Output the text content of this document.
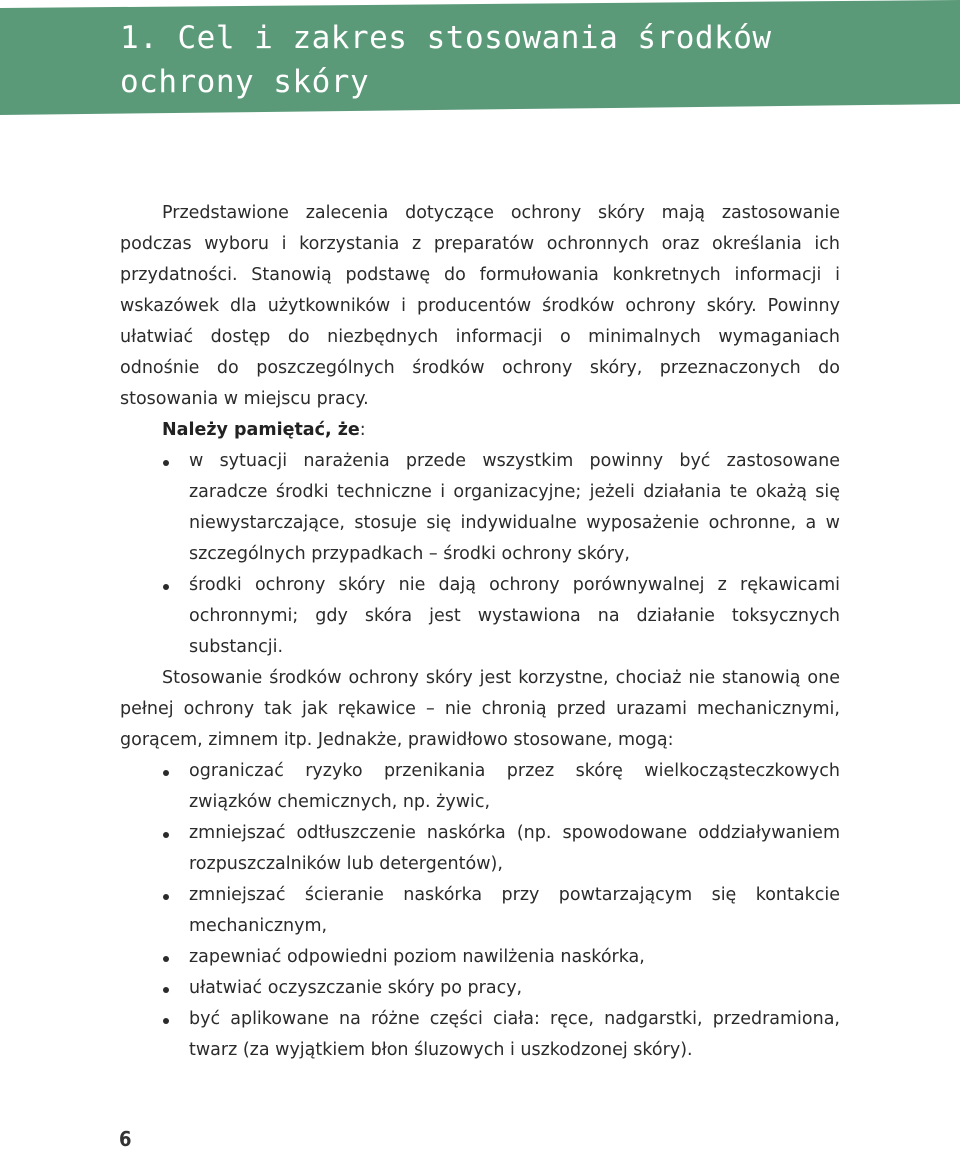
1. Cel i zakres stosowania środków ochrony skóry

Przedstawione zalecenia dotyczące ochrony skóry mają zastosowanie podczas wyboru i korzystania z preparatów ochronnych oraz określania ich przydatności. Stanowią podstawę do formułowania konkretnych informacji i wskazówek dla użytkowników i producentów środków ochrony skóry. Powinny ułatwiać dostęp do niezbędnych informacji o minimalnych wymaganiach odnośnie do poszczególnych środków ochrony skóry, przeznaczonych do stosowania w miejscu pracy.

Należy pamiętać, że:
w sytuacji narażenia przede wszystkim powinny być zastosowane zaradcze środki techniczne i organizacyjne; jeżeli działania te okażą się niewystarczające, stosuje się indywidualne wyposażenie ochronne, a w szczególnych przypadkach – środki ochrony skóry,
środki ochrony skóry nie dają ochrony porównywalnej z rękawicami ochronnymi; gdy skóra jest wystawiona na działanie toksycznych substancji.

Stosowanie środków ochrony skóry jest korzystne, chociaż nie stanowią one pełnej ochrony tak jak rękawice – nie chronią przed urazami mechanicznymi, gorącem, zimnem itp. Jednakże, prawidłowo stosowane, mogą:

ograniczać ryzyko przenikania przez skórę wielkocząsteczkowych związków chemicznych, np. żywic,
zmniejszać odtłuszczenie naskórka (np. spowodowane oddziaływaniem rozpuszczalników lub detergentów),
zmniejszać ścieranie naskórka przy powtarzającym się kontakcie mechanicznym,
zapewniać odpowiedni poziom nawilżenia naskórka,
ułatwiać oczyszczanie skóry po pracy,
być aplikowane na różne części ciała: ręce, nadgarstki, przedramiona, twarz (za wyjątkiem błon śluzowych i uszkodzonej skóry).
6
